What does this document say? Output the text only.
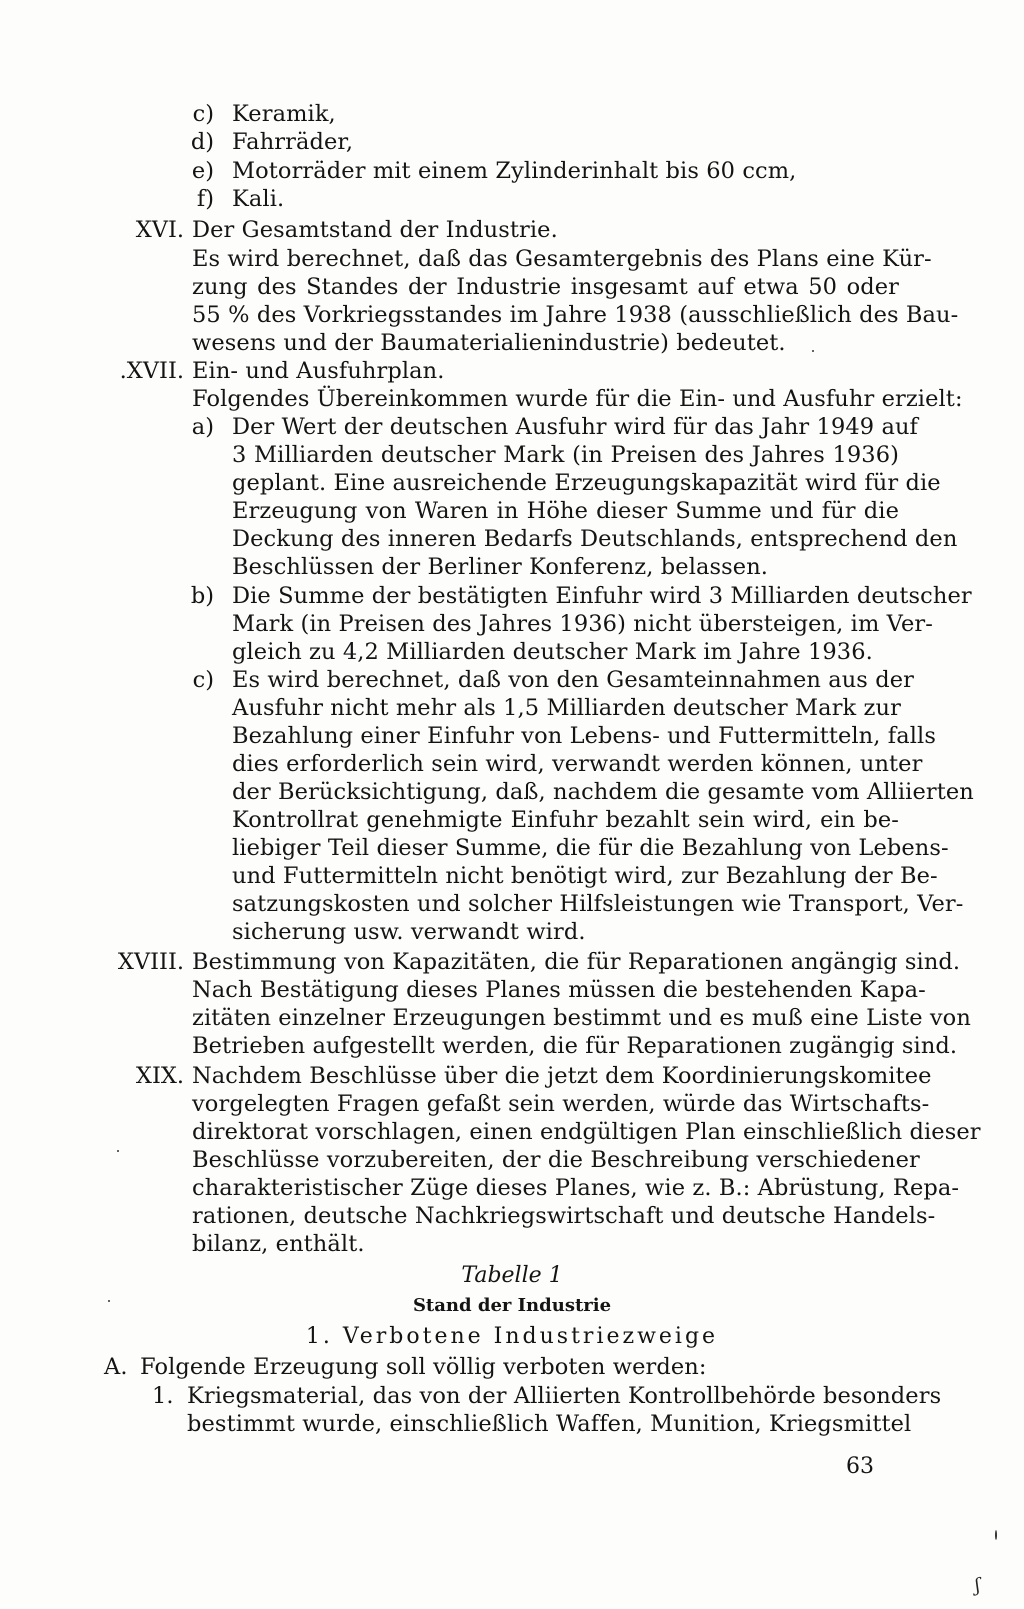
c) Keramik,
d) Fahrräder,
e) Motorräder mit einem Zylinderinhalt bis 60 ccm,
f) Kali.
XVI. Der Gesamtstand der Industrie.
Es wird berechnet, daß das Gesamtergebnis des Plans eine Kür-
zung des Standes der Industrie insgesamt auf etwa 50 oder
55 % des Vorkriegsstandes im Jahre 1938 (ausschließlich des Bau-
wesens und der Baumaterialienindustrie) bedeutet.
.XVII. Ein- und Ausfuhrplan.
Folgendes Übereinkommen wurde für die Ein- und Ausfuhr erzielt:
a) Der Wert der deutschen Ausfuhr wird für das Jahr 1949 auf
3 Milliarden deutscher Mark (in Preisen des Jahres 1936)
geplant. Eine ausreichende Erzeugungskapazität wird für die
Erzeugung von Waren in Höhe dieser Summe und für die
Deckung des inneren Bedarfs Deutschlands, entsprechend den
Beschlüssen der Berliner Konferenz, belassen.
b) Die Summe der bestätigten Einfuhr wird 3 Milliarden deutscher
Mark (in Preisen des Jahres 1936) nicht übersteigen, im Ver-
gleich zu 4,2 Milliarden deutscher Mark im Jahre 1936.
c) Es wird berechnet, daß von den Gesamteinnahmen aus der
Ausfuhr nicht mehr als 1,5 Milliarden deutscher Mark zur
Bezahlung einer Einfuhr von Lebens- und Futtermitteln, falls
dies erforderlich sein wird, verwandt werden können, unter
der Berücksichtigung, daß, nachdem die gesamte vom Alliierten
Kontrollrat genehmigte Einfuhr bezahlt sein wird, ein be-
liebiger Teil dieser Summe, die für die Bezahlung von Lebens-
und Futtermitteln nicht benötigt wird, zur Bezahlung der Be-
satzungskosten und solcher Hilfsleistungen wie Transport, Ver-
sicherung usw. verwandt wird.
XVIII. Bestimmung von Kapazitäten, die für Reparationen angängig sind.
Nach Bestätigung dieses Planes müssen die bestehenden Kapa-
zitäten einzelner Erzeugungen bestimmt und es muß eine Liste von
Betrieben aufgestellt werden, die für Reparationen zugängig sind.
XIX. Nachdem Beschlüsse über die jetzt dem Koordinierungskomitee
vorgelegten Fragen gefaßt sein werden, würde das Wirtschafts-
direktorat vorschlagen, einen endgültigen Plan einschließlich dieser
Beschlüsse vorzubereiten, der die Beschreibung verschiedener
charakteristischer Züge dieses Planes, wie z. B.: Abrüstung, Repa-
rationen, deutsche Nachkriegswirtschaft und deutsche Handels-
bilanz, enthält.
Tabelle 1
Stand der Industrie
1. Verbotene Industriezweige
A. Folgende Erzeugung soll völlig verboten werden:
1. Kriegsmaterial, das von der Alliierten Kontrollbehörde besonders
bestimmt wurde, einschließlich Waffen, Munition, Kriegsmittel
63
ʃ
